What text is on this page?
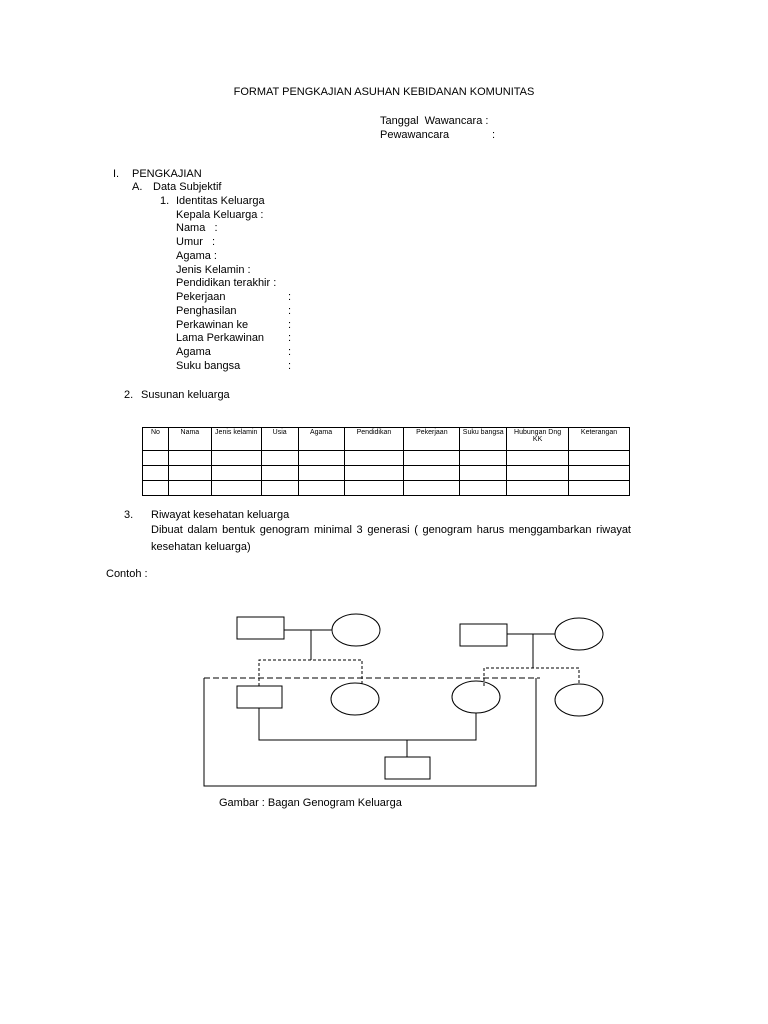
FORMAT PENGKAJIAN ASUHAN KEBIDANAN KOMUNITAS
Tanggal  Wawancara :
Pewawancara	:
I. PENGKAJIAN
A. Data Subjektif
1. Identitas Keluarga
Kepala Keluarga :
Nama   :
Umur   :
Agama :
Jenis Kelamin :
Pendidikan terakhir :
Pekerjaan	:
Penghasilan	:
Perkawinan ke	:
Lama Perkawinan :
Agama	:
Suku bangsa	:
2. Susunan keluarga
No	Nama	Jenis kelamin	Usia	Agama	Pendidikan	Pekerjaan	Suku bangsa	Hubungan Dng KK	Keterangan

3. Riwayat kesehatan keluarga
Dibuat dalam bentuk genogram minimal 3 generasi ( genogram harus menggambarkan riwayat kesehatan keluarga)
Contoh :
Gambar : Bagan Genogram Keluarga
